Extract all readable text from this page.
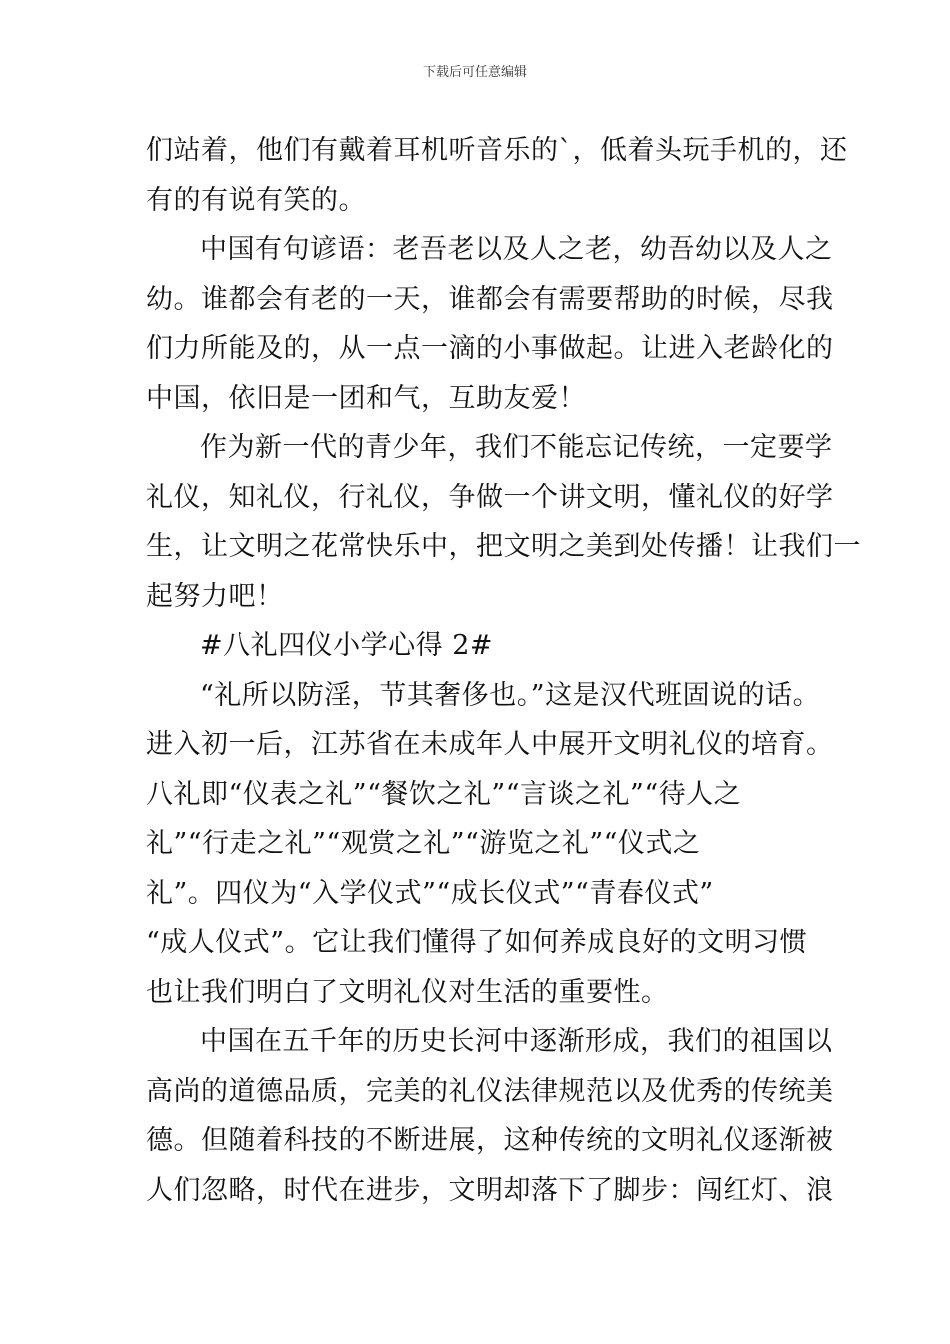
下载后可任意编辑
们站着，他们有戴着耳机听音乐的`，低着头玩手机的，还
有的有说有笑的。
中国有句谚语：老吾老以及人之老，幼吾幼以及人之
幼。谁都会有老的一天，谁都会有需要帮助的时候，尽我
们力所能及的，从一点一滴的小事做起。让进入老龄化的
中国，依旧是一团和气，互助友爱！
作为新一代的青少年，我们不能忘记传统，一定要学
礼仪，知礼仪，行礼仪，争做一个讲文明，懂礼仪的好学
生，让文明之花常快乐中，把文明之美到处传播！让我们一
起努力吧！
#八礼四仪小学心得 2#
“礼所以防淫，节其奢侈也。”这是汉代班固说的话。
进入初一后，江苏省在未成年人中展开文明礼仪的培育。
八礼即“仪表之礼”“餐饮之礼”“言谈之礼”“待人之
礼”“行走之礼”“观赏之礼”“游览之礼”“仪式之
礼”。四仪为“入学仪式”“成长仪式”“青春仪式”
“成人仪式”。它让我们懂得了如何养成良好的文明习惯
也让我们明白了文明礼仪对生活的重要性。
中国在五千年的历史长河中逐渐形成，我们的祖国以
高尚的道德品质，完美的礼仪法律规范以及优秀的传统美
德。但随着科技的不断进展，这种传统的文明礼仪逐渐被
人们忽略，时代在进步，文明却落下了脚步：闯红灯、浪
